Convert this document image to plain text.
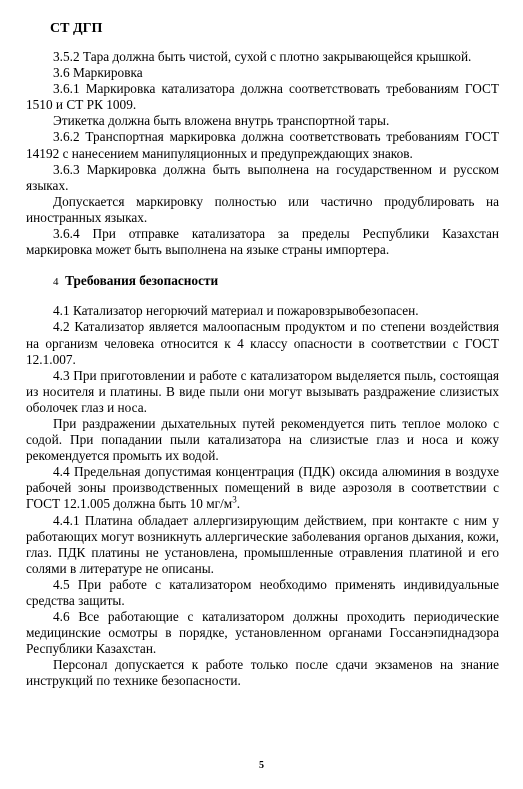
СТ ДГП

3.5.2 Тара должна быть чистой, сухой с плотно закрывающейся крышкой.

3.6 Маркировка

3.6.1 Маркировка катализатора должна соответствовать требованиям ГОСТ 1510 и СТ РК 1009.

Этикетка должна быть вложена внутрь транспортной тары.

3.6.2 Транспортная маркировка должна соответствовать требованиям ГОСТ 14192 с нанесением манипуляционных и предупреждающих знаков.

3.6.3 Маркировка должна быть выполнена на государственном и русском языках.

Допускается маркировку полностью или частично продублировать на иностранных языках.

3.6.4 При отправке катализатора за пределы Республики Казахстан маркировка может быть выполнена на языке страны импортера.

4 Требования безопасности

4.1 Катализатор негорючий материал и пожаровзрывобезопасен.

4.2 Катализатор является малоопасным продуктом и по степени воздействия на организм человека относится к 4 классу опасности в соответствии с ГОСТ 12.1.007.

4.3 При приготовлении и работе с катализатором выделяется пыль, состоящая из носителя и платины. В виде пыли они могут вызывать раздражение слизистых оболочек глаз и носа.

При раздражении дыхательных путей рекомендуется пить теплое молоко с содой. При попадании пыли катализатора на слизистые глаз и носа и кожу рекомендуется промыть их водой.

4.4 Предельная допустимая концентрация (ПДК) оксида алюминия в воздухе рабочей зоны производственных помещений в виде аэрозоля в соответствии с ГОСТ 12.1.005 должна быть 10 $мг/м^3$.

4.4.1 Платина обладает аллергизирующим действием, при контакте с ним у работающих могут возникнуть аллергические заболевания органов дыхания, кожи, глаз. ПДК платины не установлена, промышленные отравления платиной и его солями в литературе не описаны.

4.5 При работе с катализатором необходимо применять индивидуальные средства защиты.

4.6 Все работающие с катализатором должны проходить периодические медицинские осмотры в порядке, установленном органами Госсанэпиднадзора Республики Казахстан.

Персонал допускается к работе только после сдачи экзаменов на знание инструкций по технике безопасности.

5
